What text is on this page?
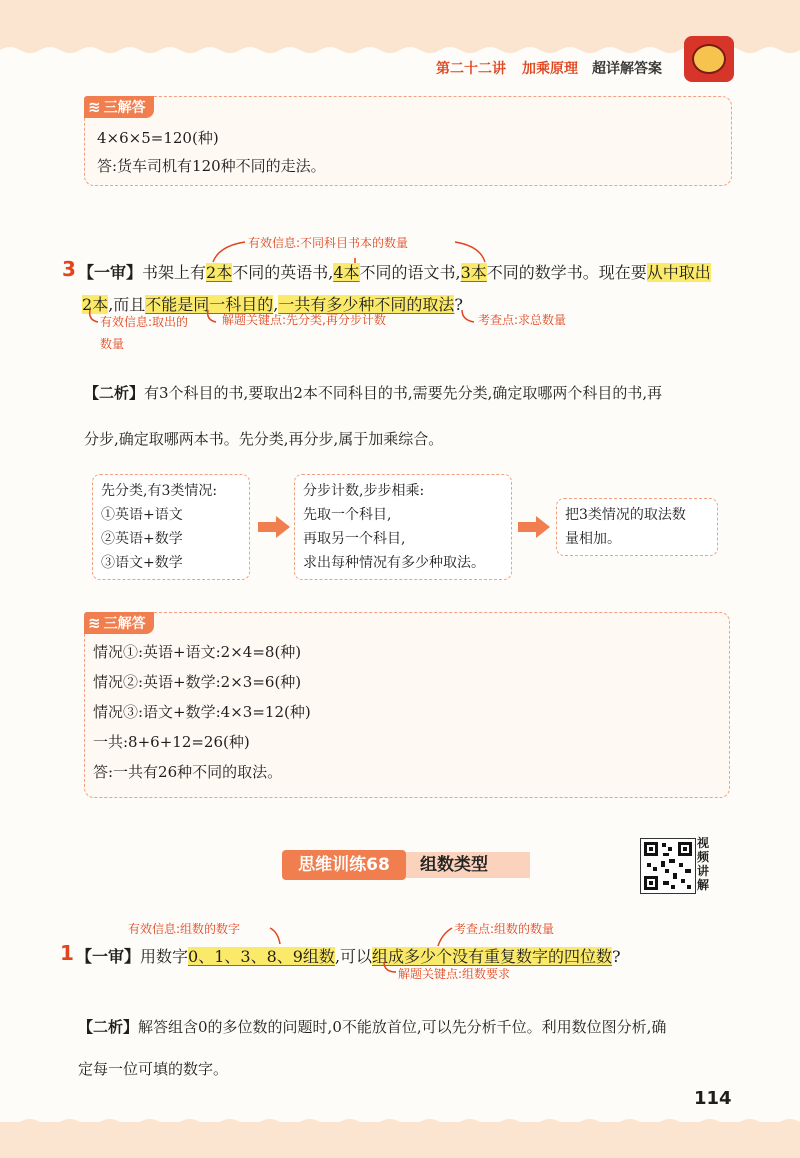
第二十二讲 加乘原理 超详解答案
≋ 三解答
4×6×5=120(种)
答:货车司机有120种不同的走法。
有效信息:不同科目书本的数量
3 【一审】书架上有2本不同的英语书,4本不同的语文书,3本不同的数学书。现在要从中取出
2本,而且不能是同一科目的,一共有多少种不同的取法?
有效信息:取出的数量
解题关键点:先分类,再分步计数	考查点:求总数量
【二析】有3个科目的书,要取出2本不同科目的书,需要先分类,确定取哪两个科目的书,再
分步,确定取哪两本书。先分类,再分步,属于加乘综合。
先分类,有3类情况:
①英语+语文
②英语+数学
③语文+数学
分步计数,步步相乘:
先取一个科目,
再取另一个科目,
求出每种情况有多少种取法。
把3类情况的取法数
量相加。
≋ 三解答
情况①:英语+语文:2×4=8(种)
情况②:英语+数学:2×3=6(种)
情况③:语文+数学:4×3=12(种)
一共:8+6+12=26(种)
答:一共有26种不同的取法。
思维训练68	组数类型
视
频
讲
解
有效信息:组数的数字	考查点:组数的数量
1 【一审】用数字0、1、3、8、9组数,可以组成多少个没有重复数字的四位数?
解题关键点:组数要求
【二析】解答组含0的多位数的问题时,0不能放首位,可以先分析千位。利用数位图分析,确
定每一位可填的数字。
114
